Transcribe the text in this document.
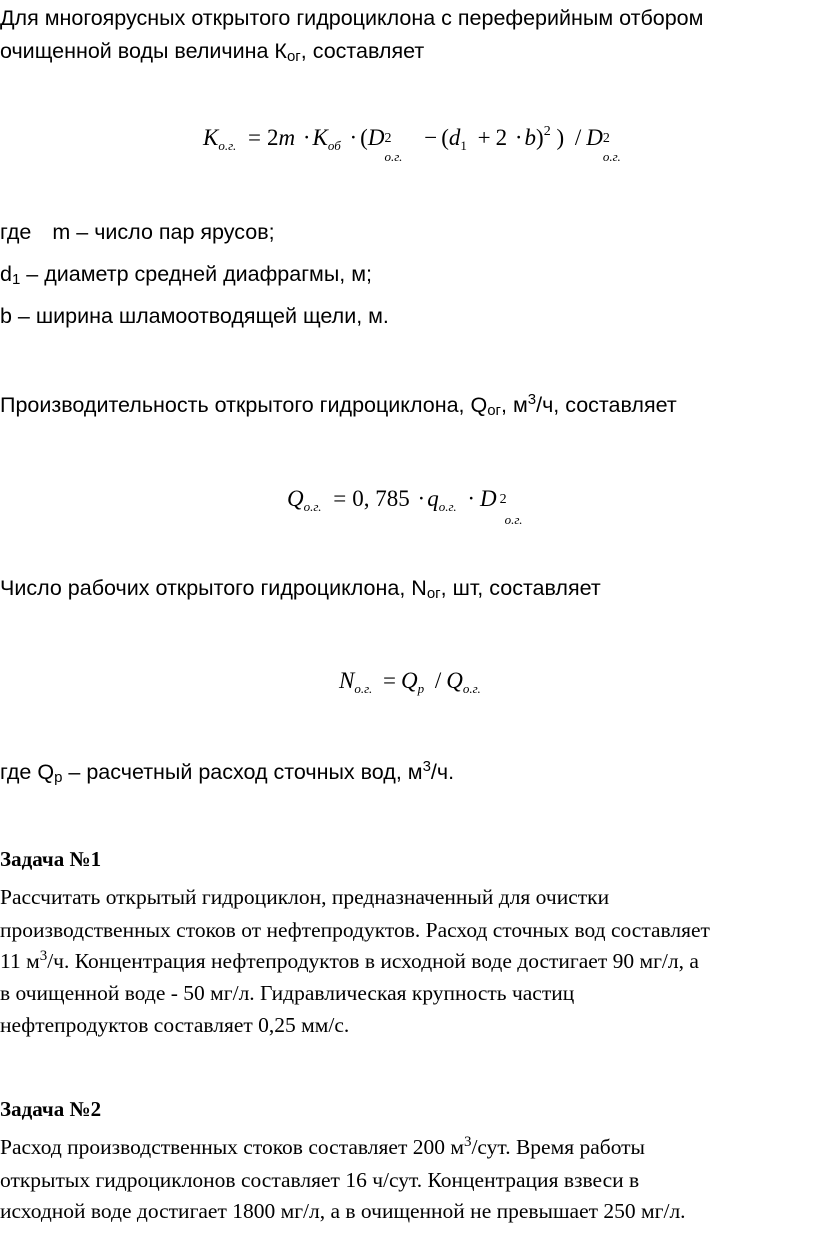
Для многоярусных открытого гидроциклона с переферийным отбором
очищенной воды величина Ког, составляет
$K_{о.г.} = 2m \cdot K_{об} \cdot (D$ 2
о.г.
− $(d_1 + 2 \cdot b)^2$ ) / D 2
о.г.
где m – число пар ярусов;
d1 – диаметр средней диафрагмы, м;
b – ширина шламоотводящей щели, м.
Производительность открытого гидроциклона, Qог, $м^3/ч$, составляет
$Q_{о.г.} = 0$, $785 \cdot q_{о.г.} \cdot D$ 2
о.г.
Число рабочих открытого гидроциклона, Nог, шт, составляет
$N_{о.г.} = Q_р / Q_{о.г.}$
где Qр – расчетный расход сточных вод, $м^3/ч$.
Задача №1
Рассчитать открытый гидроциклон, предназначенный для очистки
производственных стоков от нефтепродуктов. Расход сточных вод составляет
11 $м^3/ч$. Концентрация нефтепродуктов в исходной воде достигает 90 мг/л, а
в очищенной воде - 50 мг/л. Гидравлическая крупность частиц
нефтепродуктов составляет 0,25 мм/с.
Задача №2
Расход производственных стоков составляет 200 $м^3$/сут. Время работы
открытых гидроциклонов составляет 16 ч/сут. Концентрация взвеси в
исходной воде достигает 1800 мг/л, а в очищенной не превышает 250 мг/л.
